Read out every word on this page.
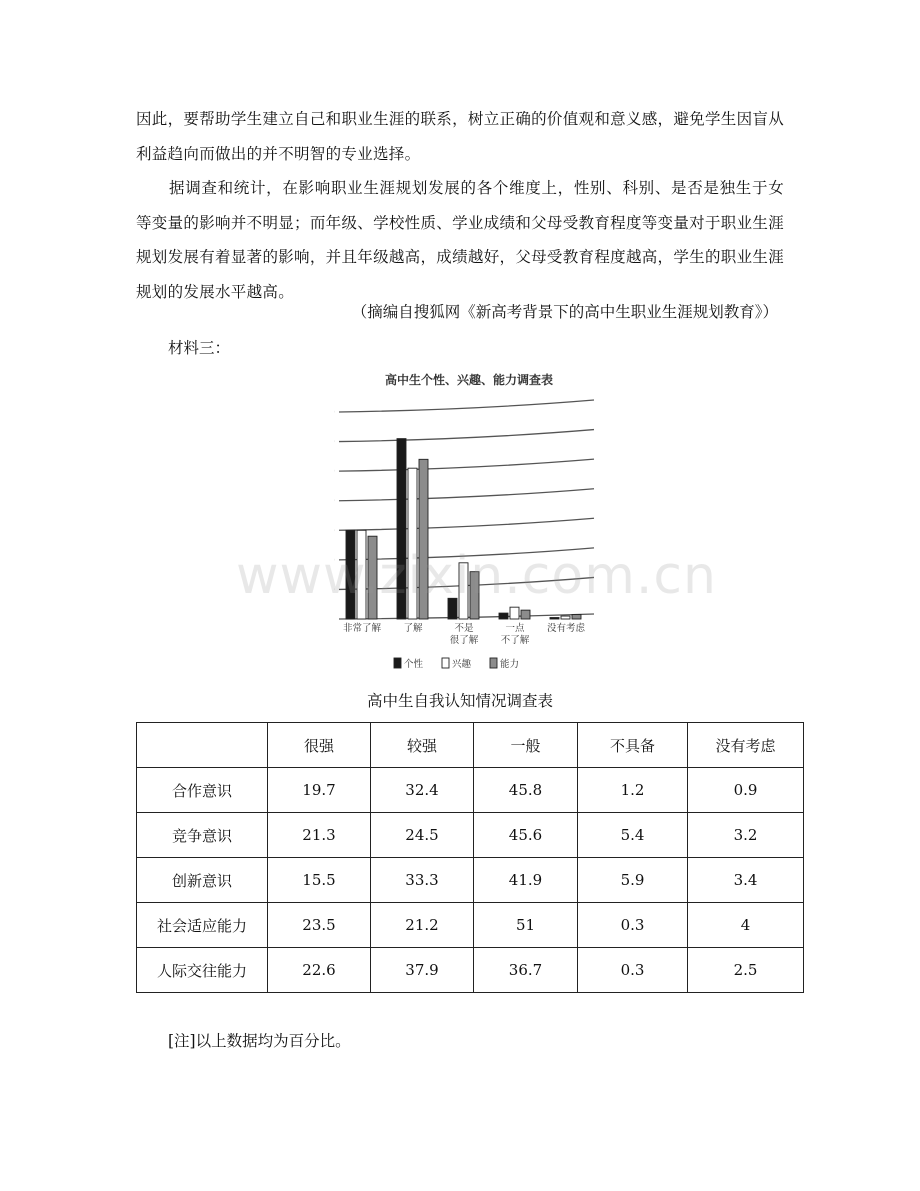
因此，要帮助学生建立自己和职业生涯的联系，树立正确的价值观和意义感，避免学生因盲从利益趋向而做出的并不明智的专业选择。

据调查和统计，在影响职业生涯规划发展的各个维度上，性别、科别、是否是独生于女等变量的影响并不明显；而年级、学校性质、学业成绩和父母受教育程度等变量对于职业生涯规划发展有着显著的影响，并且年级越高，成绩越好，父母受教育程度越高，学生的职业生涯规划的发展水平越高。

（摘编自搜狐网《新高考背景下的高中生职业生涯规划教育》）
材料三：
高中生个性、兴趣、能力调查表
非常了解 了解	不是
很了解
一点
不了解
没有考虑
个性	兴趣	能力
www.zixin.com.cn
高中生自我认知情况调查表
	很强	较强	一般	不具备	没有考虑
合作意识	19.7	32.4	45.8	1.2	0.9
竞争意识	21.3	24.5	45.6	5.4	3.2
创新意识	15.5	33.3	41.9	5.9	3.4
社会适应能力	23.5	21.2	51	0.3	4
人际交往能力	22.6	37.9	36.7	0.3	2.5
[注]以上数据均为百分比。
